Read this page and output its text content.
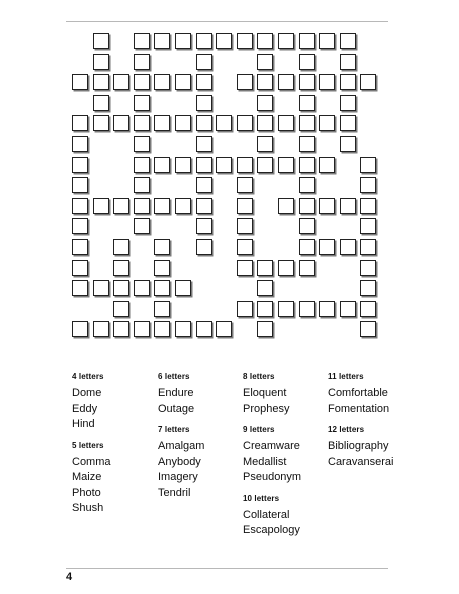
4 letters
Dome
Eddy
Hind
5 letters
Comma
Maize
Photo
Shush
6 letters
Endure
Outage
7 letters
Amalgam
Anybody
Imagery
Tendril
8 letters
Eloquent
Prophesy
9 letters
Creamware
Medallist
Pseudonym
10 letters
Collateral
Escapology
11 letters
Comfortable
Fomentation
12 letters
Bibliography
Caravanserai
4
